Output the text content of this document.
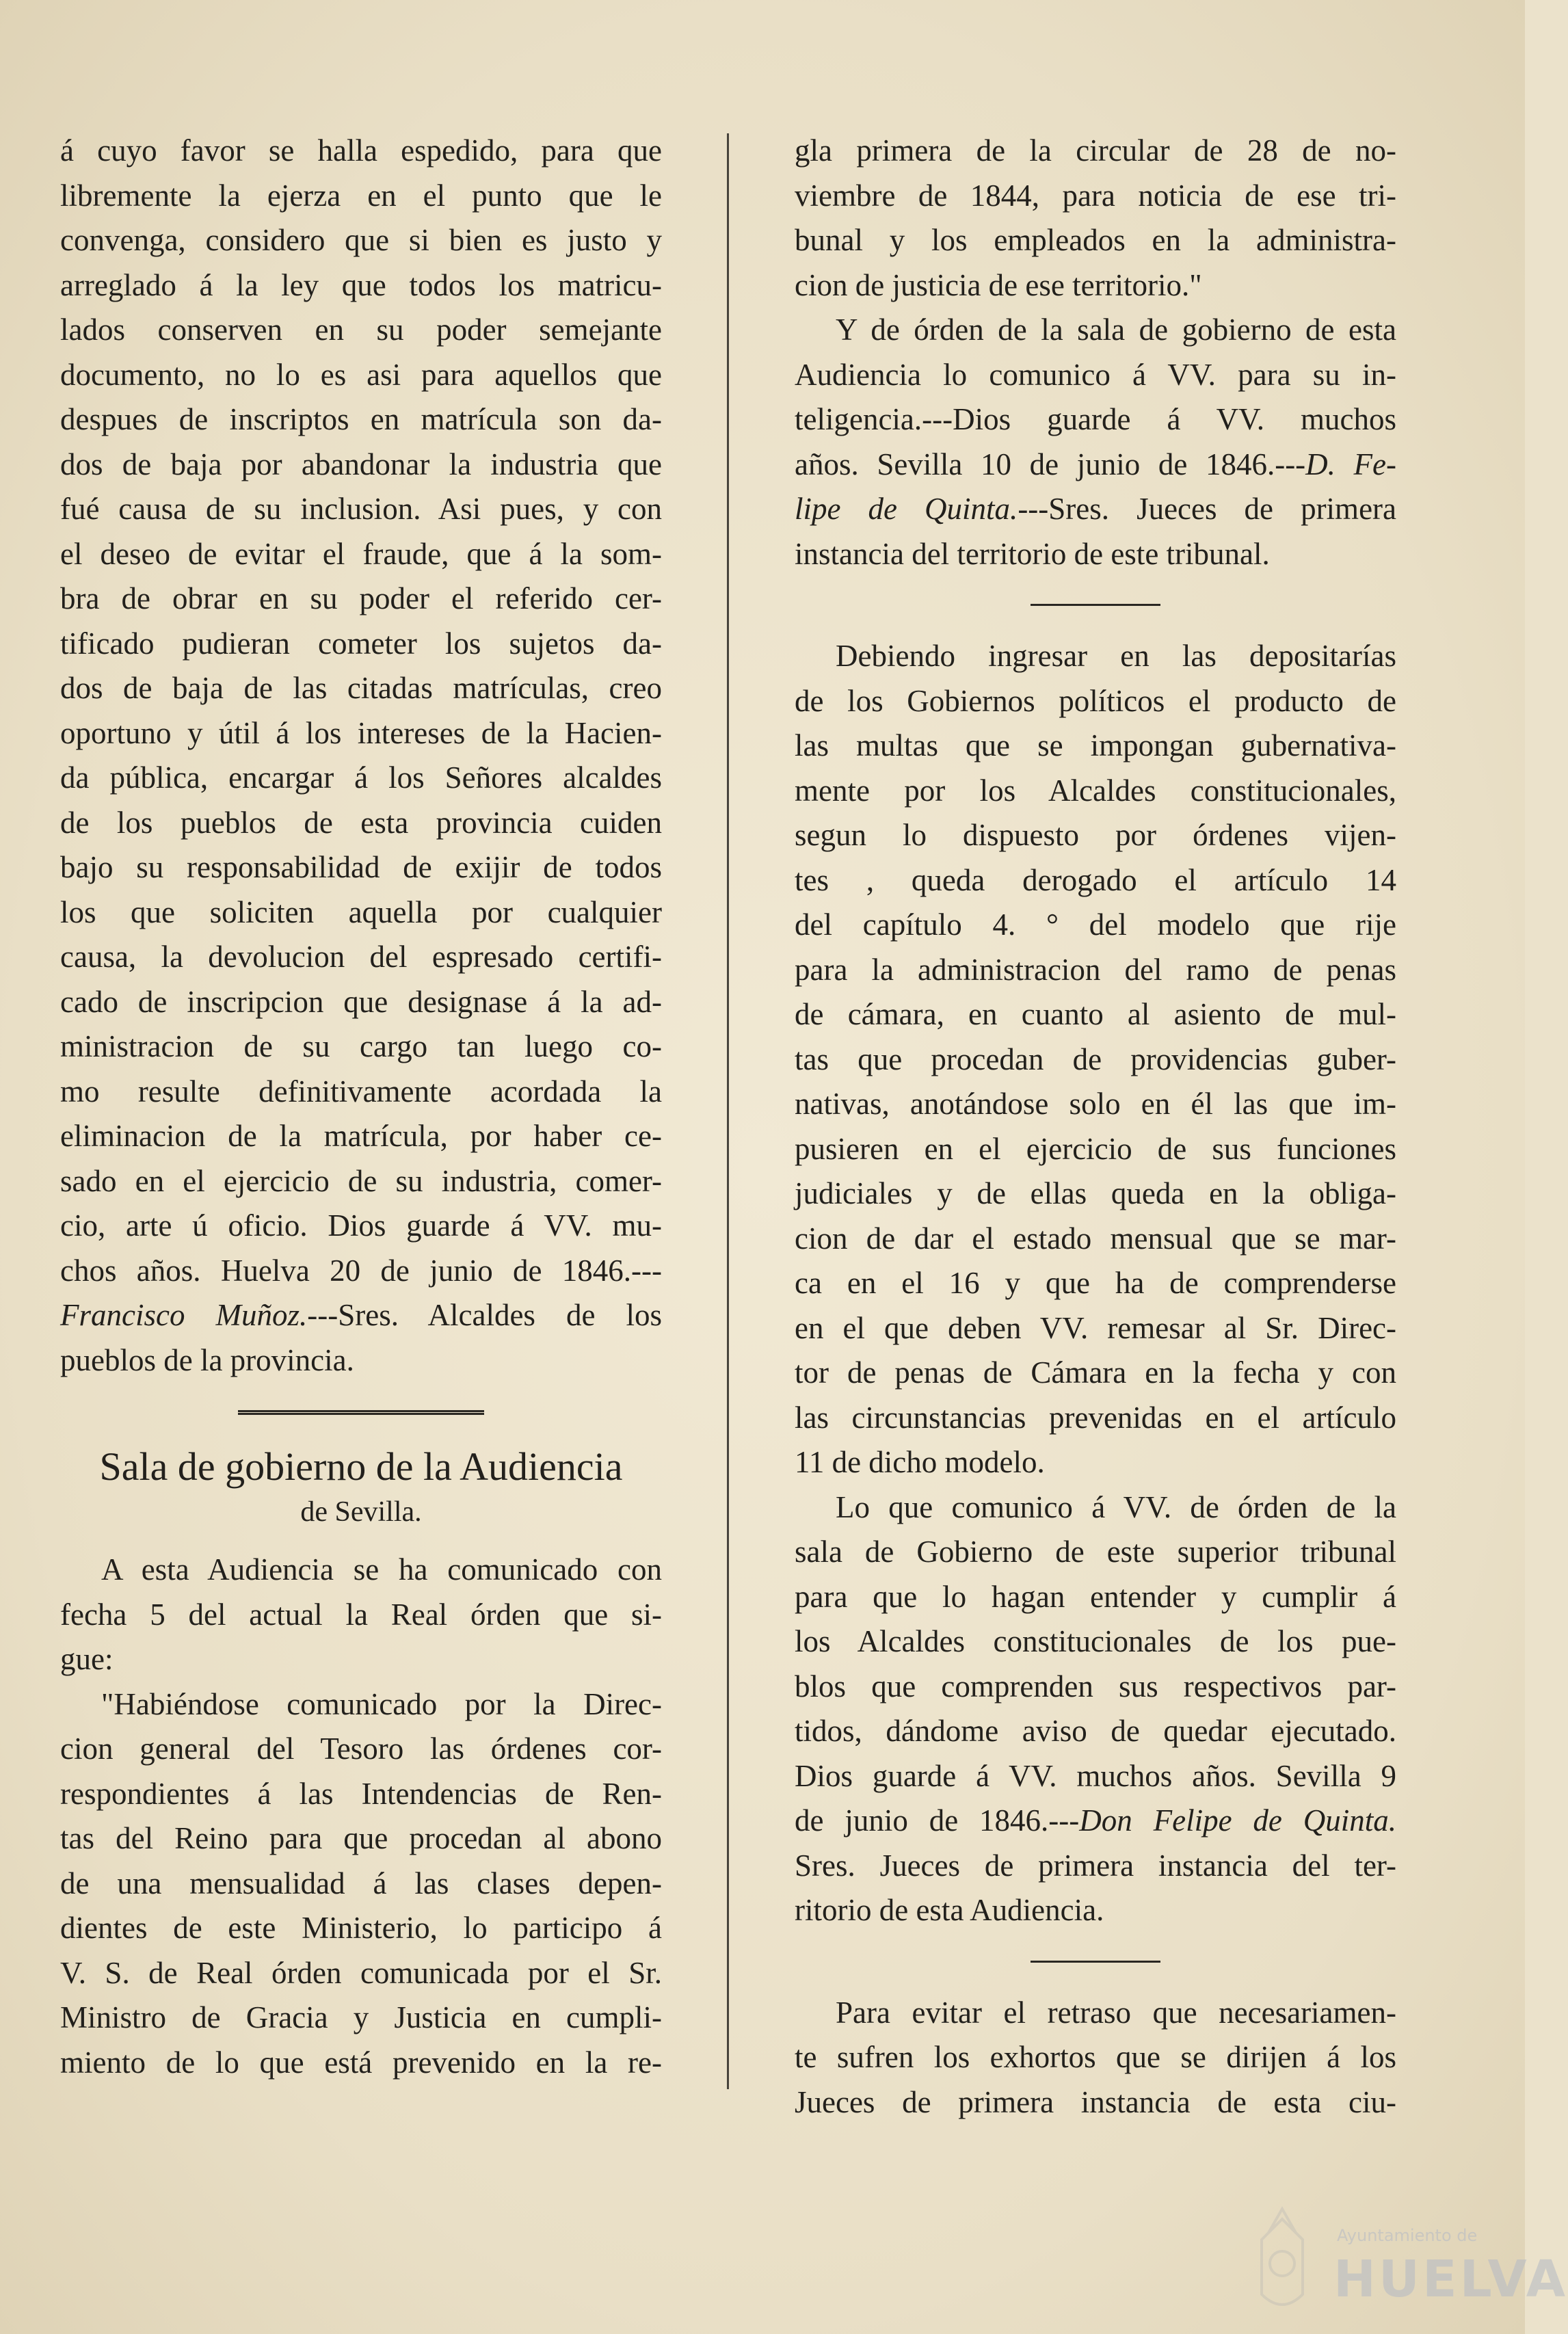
á cuyo favor se halla espedido, para que
libremente la ejerza en el punto que le
convenga, considero que si bien es justo y
arreglado á la ley que todos los matricu-
lados conserven en su poder semejante
documento, no lo es asi para aquellos que
despues de inscriptos en matrícula son da-
dos de baja por abandonar la industria que
fué causa de su inclusion. Asi pues, y con
el deseo de evitar el fraude, que á la som-
bra de obrar en su poder el referido cer-
tificado pudieran cometer los sujetos da-
dos de baja de las citadas matrículas, creo
oportuno y útil á los intereses de la Hacien-
da pública, encargar á los Señores alcaldes
de los pueblos de esta provincia cuiden
bajo su responsabilidad de exijir de todos
los que soliciten aquella por cualquier
causa, la devolucion del espresado certifi-
cado de inscripcion que designase á la ad-
ministracion de su cargo tan luego co-
mo resulte definitivamente acordada la
eliminacion de la matrícula, por haber ce-
sado en el ejercicio de su industria, comer-
cio, arte ú oficio. Dios guarde á VV. mu-
chos años. Huelva 20 de junio de 1846.---
Francisco Muñoz.---Sres. Alcaldes de los
pueblos de la provincia.
Sala de gobierno de la Audiencia
de Sevilla.
A esta Audiencia se ha comunicado con
fecha 5 del actual la Real órden que si-
gue:
"Habiéndose comunicado por la Direc-
cion general del Tesoro las órdenes cor-
respondientes á las Intendencias de Ren-
tas del Reino para que procedan al abono
de una mensualidad á las clases depen-
dientes de este Ministerio, lo participo á
V. S. de Real órden comunicada por el Sr.
Ministro de Gracia y Justicia en cumpli-
miento de lo que está prevenido en la re-
gla primera de la circular de 28 de no-
viembre de 1844, para noticia de ese tri-
bunal y los empleados en la administra-
cion de justicia de ese territorio."
Y de órden de la sala de gobierno de esta
Audiencia lo comunico á VV. para su in-
teligencia.---Dios guarde á VV. muchos
años. Sevilla 10 de junio de 1846.---D. Fe-
lipe de Quinta.---Sres. Jueces de primera
instancia del territorio de este tribunal.
Debiendo ingresar en las depositarías
de los Gobiernos políticos el producto de
las multas que se impongan gubernativa-
mente por los Alcaldes constitucionales,
segun lo dispuesto por órdenes vijen-
tes , queda derogado el artículo 14
del capítulo 4. ° del modelo que rije
para la administracion del ramo de penas
de cámara, en cuanto al asiento de mul-
tas que procedan de providencias guber-
nativas, anotándose solo en él las que im-
pusieren en el ejercicio de sus funciones
judiciales y de ellas queda en la obliga-
cion de dar el estado mensual que se mar-
ca en el 16 y que ha de comprenderse
en el que deben VV. remesar al Sr. Direc-
tor de penas de Cámara en la fecha y con
las circunstancias prevenidas en el artículo
11 de dicho modelo.
Lo que comunico á VV. de órden de la
sala de Gobierno de este superior tribunal
para que lo hagan entender y cumplir á
los Alcaldes constitucionales de los pue-
blos que comprenden sus respectivos par-
tidos, dándome aviso de quedar ejecutado.
Dios guarde á VV. muchos años. Sevilla 9
de junio de 1846.---Don Felipe de Quinta.
Sres. Jueces de primera instancia del ter-
ritorio de esta Audiencia.
Para evitar el retraso que necesariamen-
te sufren los exhortos que se dirijen á los
Jueces de primera instancia de esta ciu-
Ayuntamiento de
HUELVA
